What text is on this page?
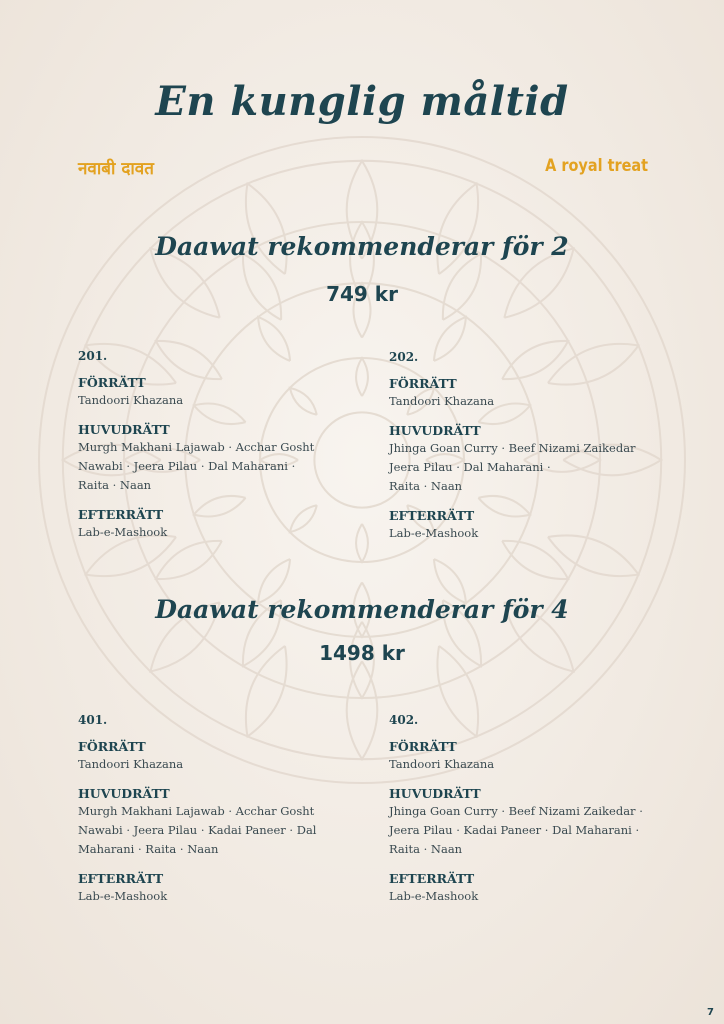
En kunglig måltid
नवाबी दावत	A royal treat
Daawat rekommenderar för 2
749 kr

201.

FÖRRÄTT

Tandoori Khazana

HUVUDRÄTT

Murgh Makhani Lajawab · Acchar Gosht

Nawabi · Jeera Pilau · Dal Maharani ·

Raita · Naan

EFTERRÄTT

Lab-e-Mashook

202.

FÖRRÄTT

Tandoori Khazana

HUVUDRÄTT

Jhinga Goan Curry · Beef Nizami Zaikedar

Jeera Pilau · Dal Maharani ·

Raita · Naan

EFTERRÄTT

Lab-e-Mashook

Daawat rekommenderar för 4
1498 kr

401.

FÖRRÄTT

Tandoori Khazana

HUVUDRÄTT

Murgh Makhani Lajawab · Acchar Gosht

Nawabi · Jeera Pilau · Kadai Paneer · Dal

Maharani · Raita · Naan

EFTERRÄTT

Lab-e-Mashook

402.

FÖRRÄTT

Tandoori Khazana

HUVUDRÄTT

Jhinga Goan Curry · Beef Nizami Zaikedar ·

Jeera Pilau · Kadai Paneer · Dal Maharani ·

Raita · Naan

EFTERRÄTT

Lab-e-Mashook

7
